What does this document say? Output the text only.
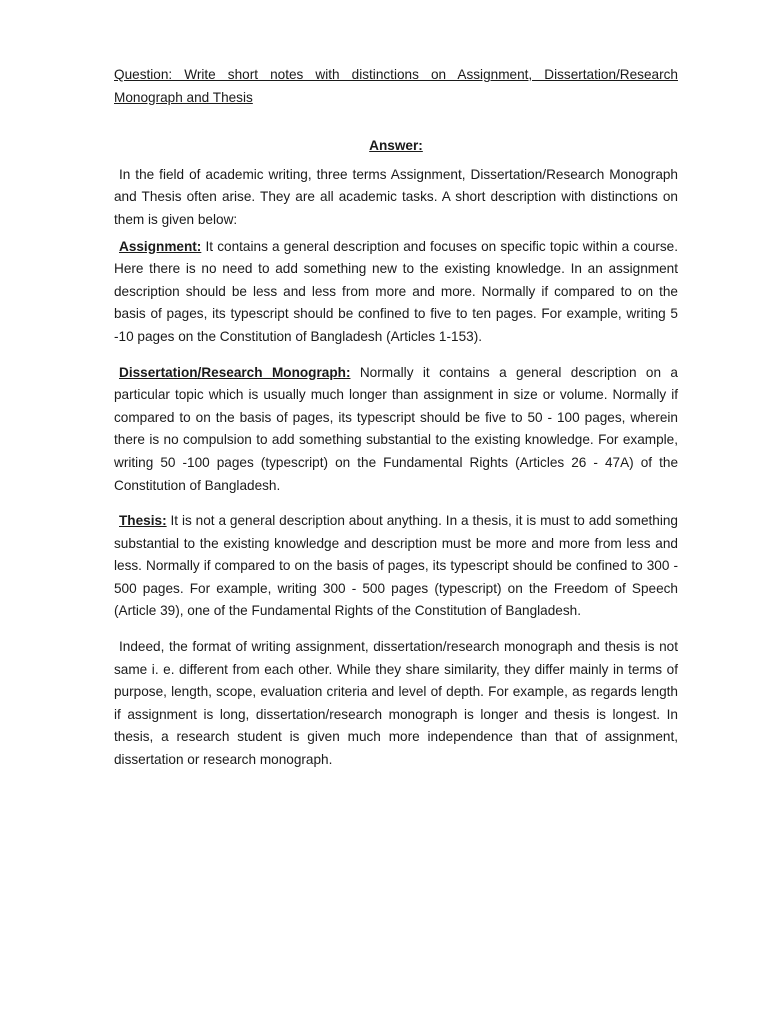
Question: Write short notes with distinctions on Assignment, Dissertation/Research Monograph and Thesis

Answer:

In the field of academic writing, three terms Assignment, Dissertation/Research Monograph and Thesis often arise. They are all academic tasks. A short description with distinctions on them is given below:

Assignment: It contains a general description and focuses on specific topic within a course. Here there is no need to add something new to the existing knowledge. In an assignment description should be less and less from more and more. Normally if compared to on the basis of pages, its typescript should be confined to five to ten pages. For example, writing 5 -10 pages on the Constitution of Bangladesh (Articles 1-153).

Dissertation/Research Monograph: Normally it contains a general description on a particular topic which is usually much longer than assignment in size or volume. Normally if compared to on the basis of pages, its typescript should be five to 50 - 100 pages, wherein there is no compulsion to add something substantial to the existing knowledge. For example, writing 50 -100 pages (typescript) on the Fundamental Rights (Articles 26 - 47A) of the Constitution of Bangladesh.

Thesis: It is not a general description about anything. In a thesis, it is must to add something substantial to the existing knowledge and description must be more and more from less and less. Normally if compared to on the basis of pages, its typescript should be confined to 300 - 500 pages. For example, writing 300 - 500 pages (typescript) on the Freedom of Speech (Article 39), one of the Fundamental Rights of the Constitution of Bangladesh.

Indeed, the format of writing assignment, dissertation/research monograph and thesis is not same i. e. different from each other. While they share similarity, they differ mainly in terms of purpose, length, scope, evaluation criteria and level of depth. For example, as regards length if assignment is long, dissertation/research monograph is longer and thesis is longest. In thesis, a research student is given much more independence than that of assignment, dissertation or research monograph.
